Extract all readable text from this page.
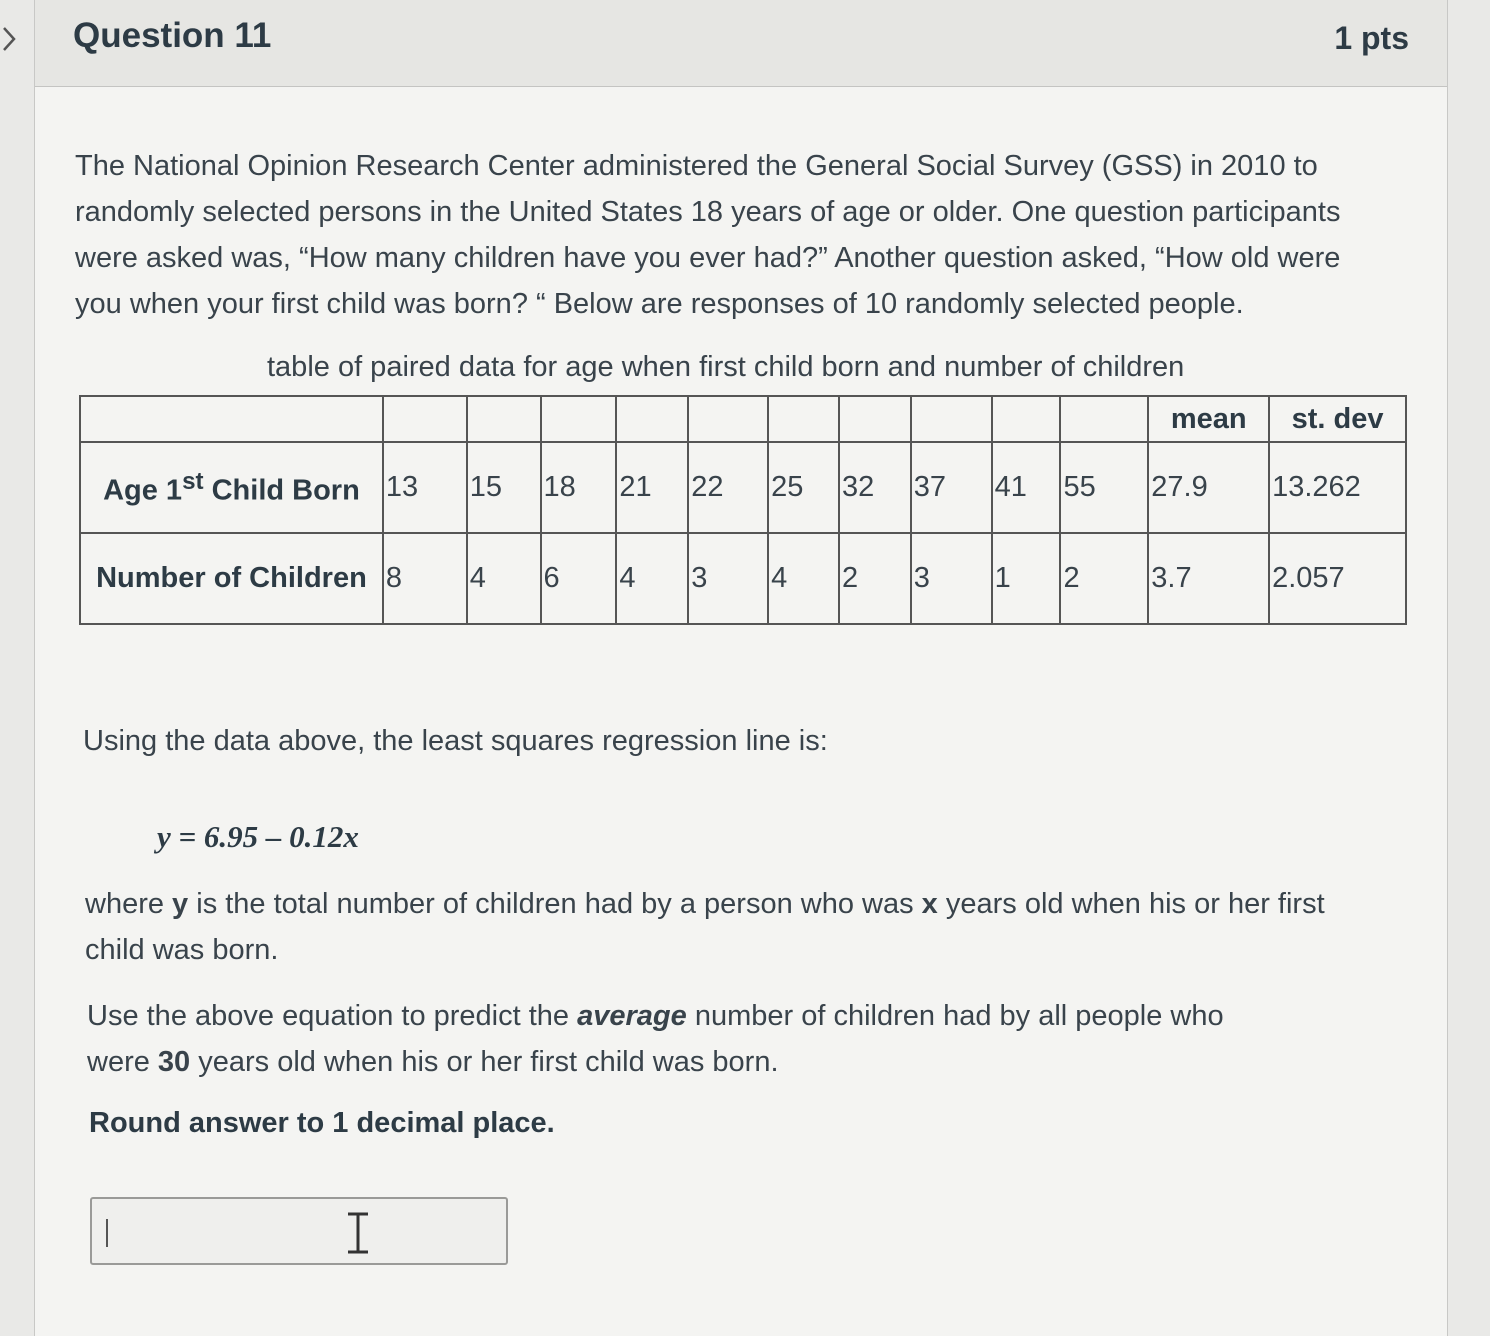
Question 11	1 pts

The National Opinion Research Center administered the General Social Survey (GSS) in 2010 to randomly selected persons in the United States 18 years of age or older. One question participants were asked was, “How many children have you ever had?” Another question asked, “How old were you when your first child was born? “ Below are responses of 10 randomly selected people.

table of paired data for age when first child born and number of children
											mean	st. dev
Age 1st Child Born	13	15	18	21	22	25	32	37	41	55	27.9	13.262
Number of Children	8	4	6	4	3	4	2	3	1	2	3.7	2.057
Using the data above, the least squares regression line is:
y = 6.95 – 0.12x

where y is the total number of children had by a person who was x years old when his or her first child was born.

Use the above equation to predict the average number of children had by all people who were 30 years old when his or her first child was born.

Round answer to 1 decimal place.
